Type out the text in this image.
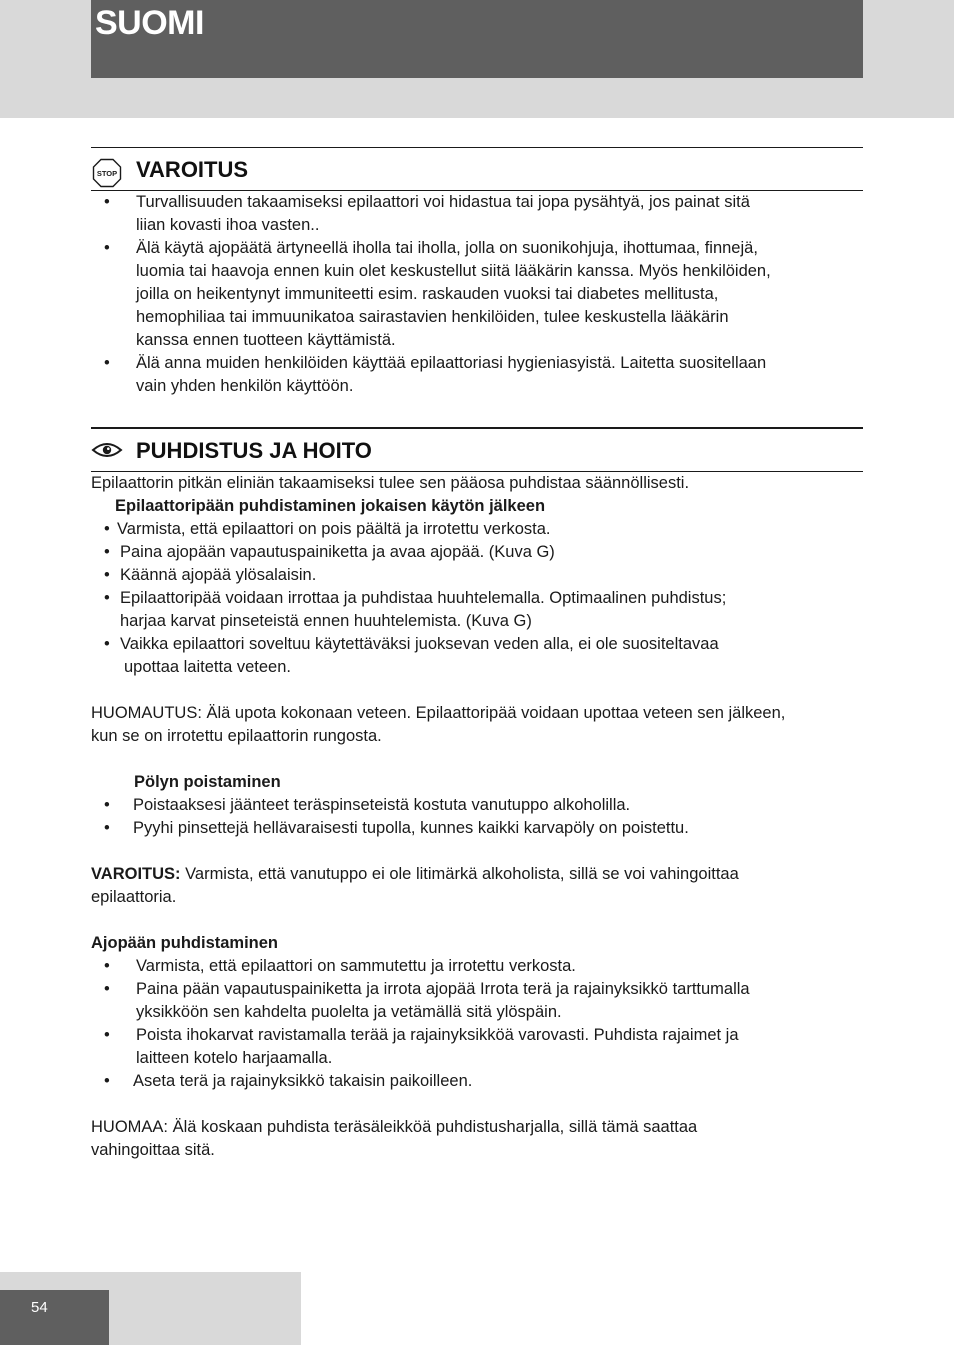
SUOMI
STOP VAROITUS
• Turvallisuuden takaamiseksi epilaattori voi hidastua tai jopa pysähtyä, jos painat sitä
liian kovasti ihoa vasten..
• Älä käytä ajopäätä ärtyneellä iholla tai iholla, jolla on suonikohjuja, ihottumaa, finnejä,
luomia tai haavoja ennen kuin olet keskustellut siitä lääkärin kanssa. Myös henkilöiden,
joilla on heikentynyt immuniteetti esim. raskauden vuoksi tai diabetes mellitusta,
hemophiliaa tai immuunikatoa sairastavien henkilöiden, tulee keskustella lääkärin
kanssa ennen tuotteen käyttämistä.
• Älä anna muiden henkilöiden käyttää epilaattoriasi hygieniasyistä. Laitetta suositellaan
vain yhden henkilön käyttöön.
PUHDISTUS JA HOITO

Epilaattorin pitkän eliniän takaamiseksi tulee sen pääosa puhdistaa säännöllisesti.

Epilaattoripään puhdistaminen jokaisen käytön jälkeen

• Varmista, että epilaattori on pois päältä ja irrotettu verkosta.
• Paina ajopään vapautuspainiketta ja avaa ajopää. (Kuva G)
• Käännä ajopää ylösalaisin.
• Epilaattoripää voidaan irrottaa ja puhdistaa huuhtelemalla. Optimaalinen puhdistus;
harjaa karvat pinseteistä ennen huuhtelemista. (Kuva G)
• Vaikka epilaattori soveltuu käytettäväksi juoksevan veden alla, ei ole suositeltavaa
upottaa laitetta veteen.

HUOMAUTUS: Älä upota kokonaan veteen. Epilaattoripää voidaan upottaa veteen sen jälkeen,

kun se on irrotettu epilaattorin rungosta.

Pölyn poistaminen

• Poistaaksesi jäänteet teräspinseteistä kostuta vanutuppo alkoholilla.
• Pyyhi pinsettejä hellävaraisesti tupolla, kunnes kaikki karvapöly on poistettu.

VAROITUS: Varmista, että vanutuppo ei ole litimärkä alkoholista, sillä se voi vahingoittaa

epilaattoria.

Ajopään puhdistaminen

• Varmista, että epilaattori on sammutettu ja irrotettu verkosta.
• Paina pään vapautuspainiketta ja irrota ajopää Irrota terä ja rajainyksikkö tarttumalla
yksikköön sen kahdelta puolelta ja vetämällä sitä ylöspäin.
• Poista ihokarvat ravistamalla terää ja rajainyksikköä varovasti. Puhdista rajaimet ja
laitteen kotelo harjaamalla.
• Aseta terä ja rajainyksikkö takaisin paikoilleen.

HUOMAA: Älä koskaan puhdista teräsäleikköä puhdistusharjalla, sillä tämä saattaa

vahingoittaa sitä.

54
